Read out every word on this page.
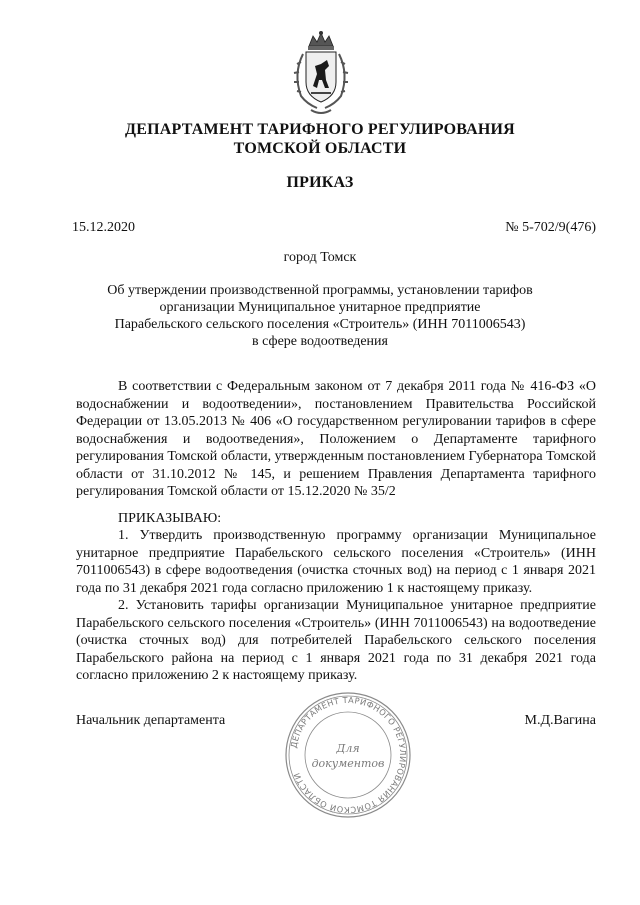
ДЕПАРТАМЕНТ ТАРИФНОГО РЕГУЛИРОВАНИЯ
ТОМСКОЙ ОБЛАСТИ
ПРИКАЗ
15.12.2020	№ 5-702/9(476)
город Томск
Об утверждении производственной программы, установлении тарифов
организации Муниципальное унитарное предприятие
Парабельского сельского поселения «Строитель» (ИНН 7011006543)
в сфере водоотведения

В соответствии с Федеральным законом от 7 декабря 2011 года № 416-ФЗ «О водоснабжении и водоотведении», постановлением Правительства Российской Федерации от 13.05.2013 № 406 «О государственном регулировании тарифов в сфере водоснабжения и водоотведения», Положением о Департаменте тарифного регулирования Томской области, утвержденным постановлением Губернатора Томской области от 31.10.2012 № 145, и решением Правления Департамента тарифного регулирования Томской области от 15.12.2020 № 35/2

ПРИКАЗЫВАЮ:

1. Утвердить производственную программу организации Муниципальное унитарное предприятие Парабельского сельского поселения «Строитель» (ИНН 7011006543) в сфере водоотведения (очистка сточных вод) на период с 1 января 2021 года по 31 декабря 2021 года согласно приложению 1 к настоящему приказу.

2. Установить тарифы организации Муниципальное унитарное предприятие Парабельского сельского поселения «Строитель» (ИНН 7011006543) на водоотведение (очистка сточных вод) для потребителей Парабельского сельского поселения Парабельского района на период с 1 января 2021 года по 31 декабря 2021 года согласно приложению 2 к настоящему приказу.

Начальник департамента	М.Д.Вагина
ДЕПАРТАМЕНТ ТАРИФНОГО РЕГУЛИРОВАНИЯ ТОМСКОЙ ОБЛАСТИ
Для
документов
